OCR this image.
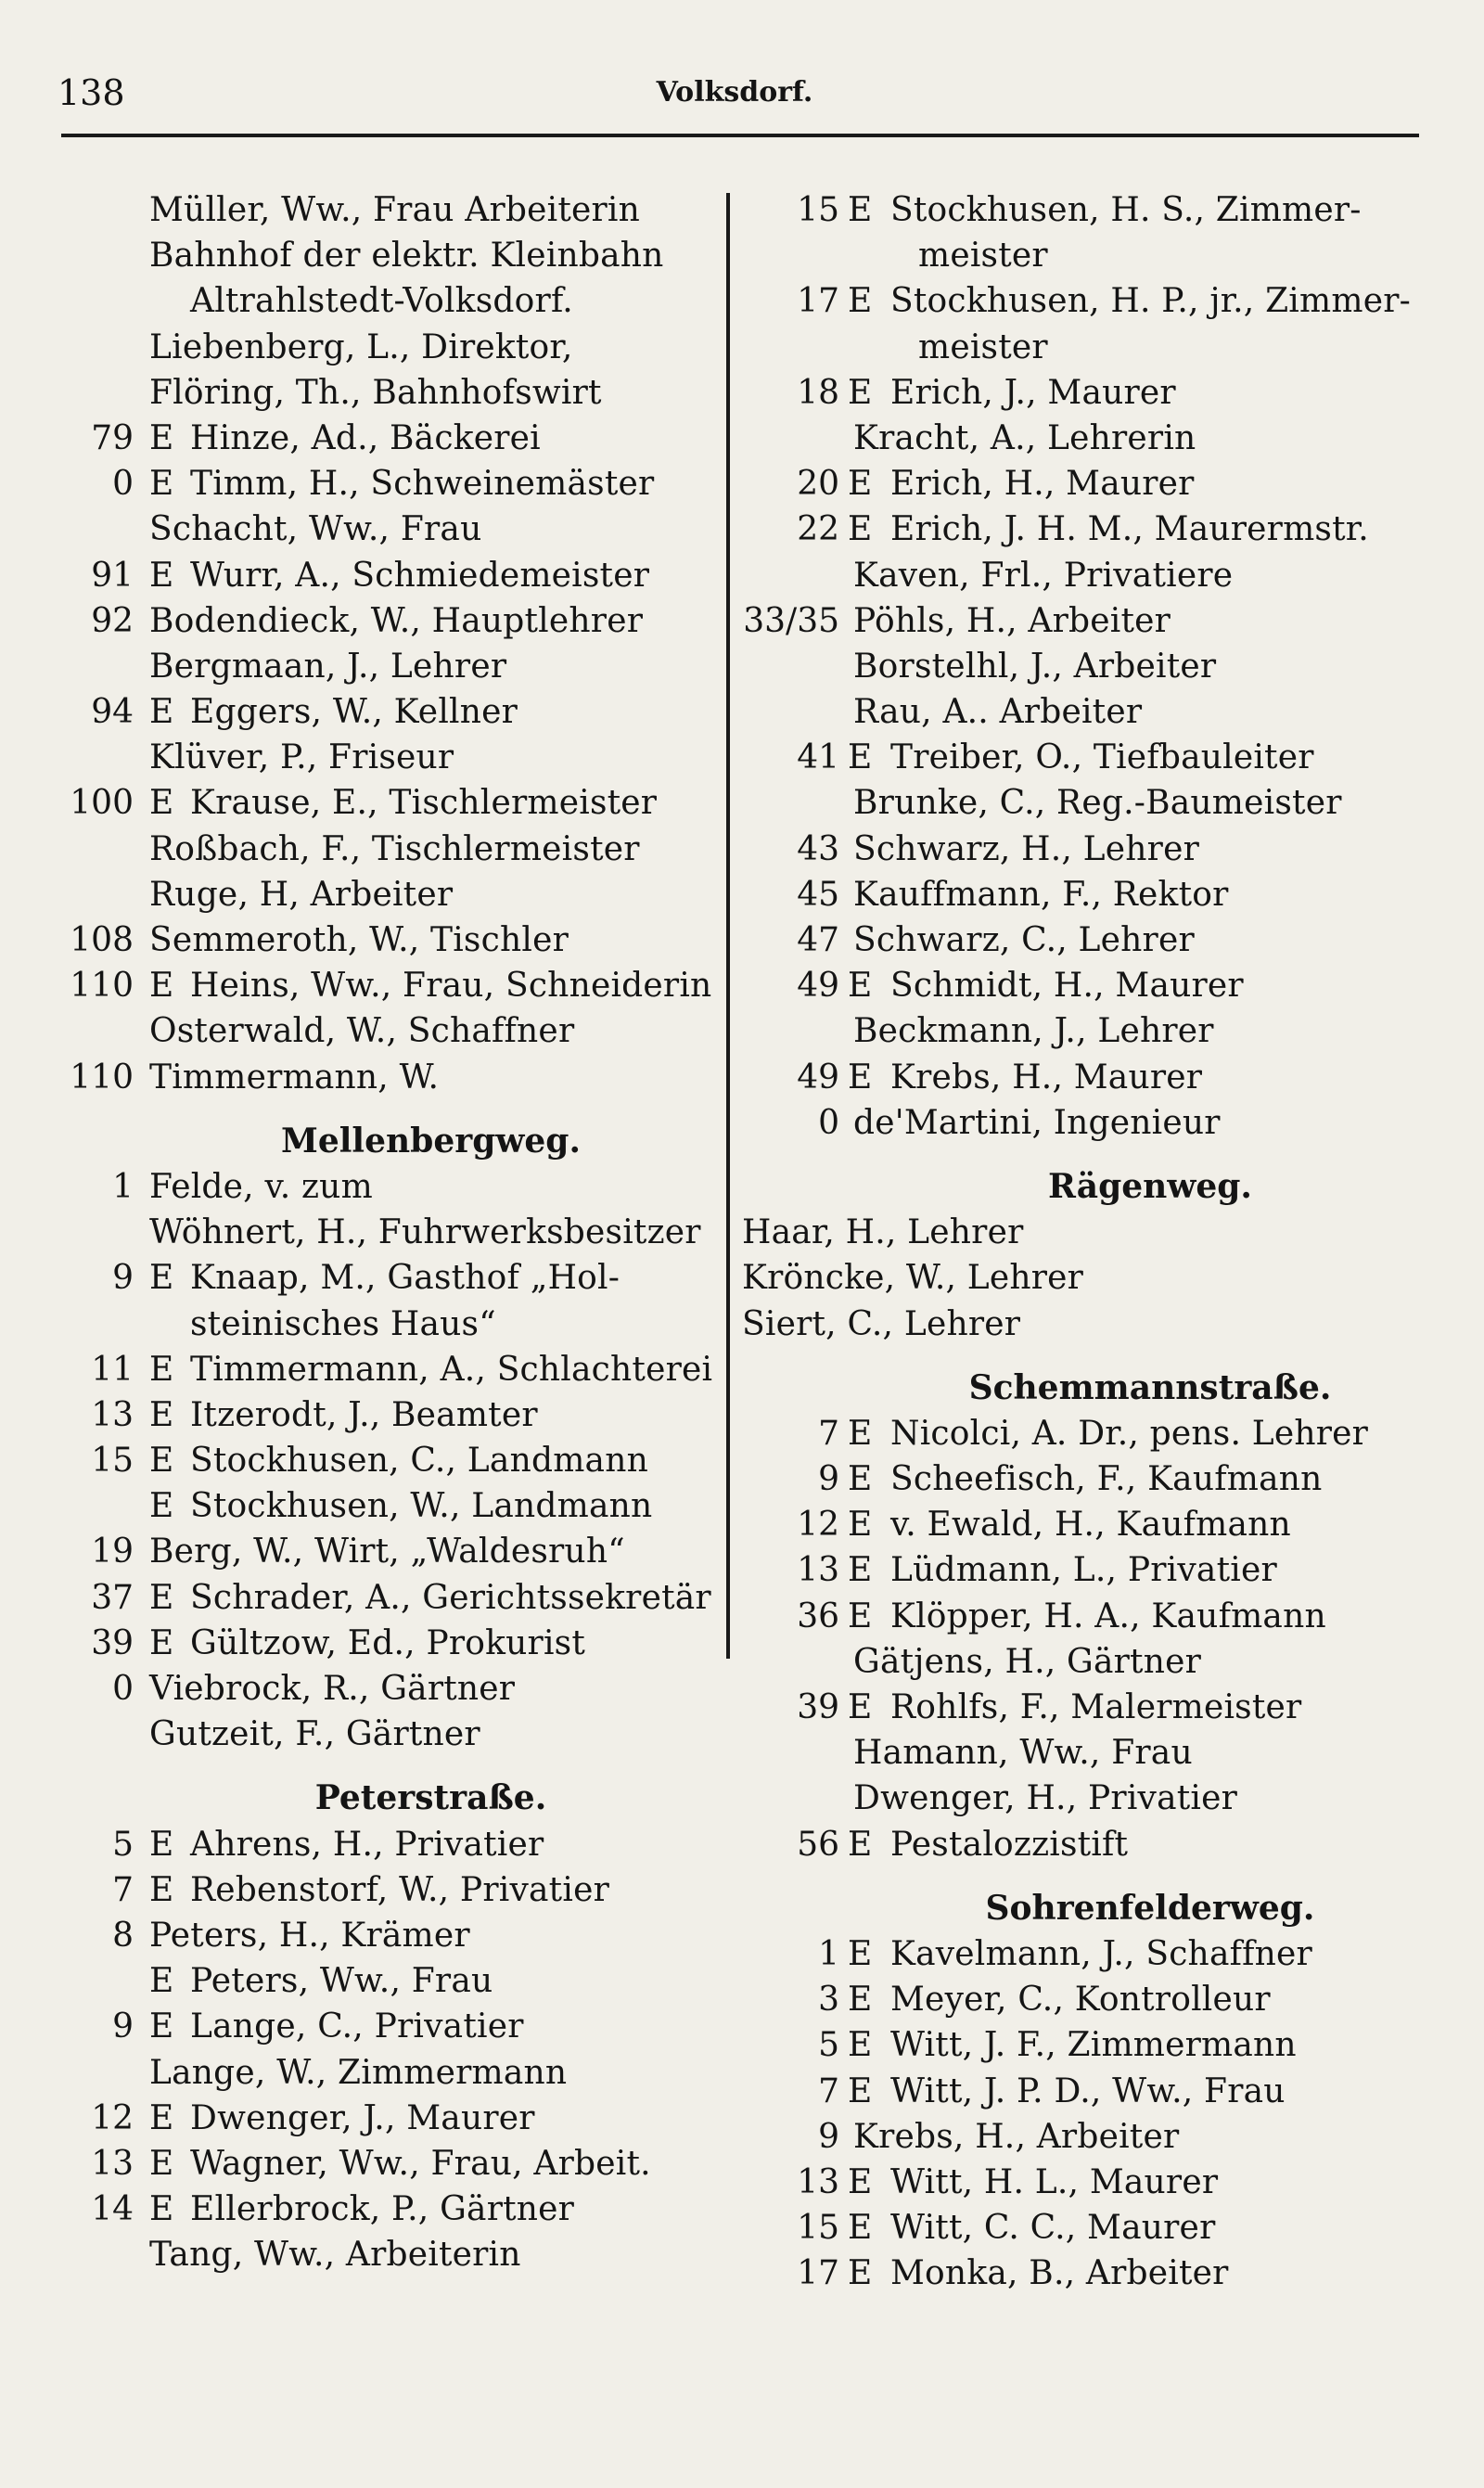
138	Volksdorf.
Müller, Ww., Frau Arbeiterin
Bahnhof der elektr. Kleinbahn
Altrahlstedt-Volksdorf.
Liebenberg, L., Direktor,
Flöring, Th., Bahnhofswirt
79 E Hinze, Ad., Bäckerei
0 E Timm, H., Schweinemäster
Schacht, Ww., Frau
91 E Wurr, A., Schmiedemeister
92 Bodendieck, W., Hauptlehrer
Bergmaan, J., Lehrer
94 E Eggers, W., Kellner
Klüver, P., Friseur
100 E Krause, E., Tischlermeister
Roßbach, F., Tischlermeister
Ruge, H, Arbeiter
108 Semmeroth, W., Tischler
110 E Heins, Ww., Frau, Schneiderin
Osterwald, W., Schaffner
110 Timmermann, W.
Mellenbergweg.
1 Felde, v. zum
Wöhnert, H., Fuhrwerksbesitzer
9 E Knaap, M., Gasthof „Hol-
steinisches Haus“
11 E Timmermann, A., Schlachterei
13 E Itzerodt, J., Beamter
15 E Stockhusen, C., Landmann
E Stockhusen, W., Landmann
19 Berg, W., Wirt, „Waldesruh“
37 E Schrader, A., Gerichtssekretär
39 E Gültzow, Ed., Prokurist
0 Viebrock, R., Gärtner
Gutzeit, F., Gärtner
Peterstraße.
5 E Ahrens, H., Privatier
7 E Rebenstorf, W., Privatier
8 Peters, H., Krämer
E Peters, Ww., Frau
9 E Lange, C., Privatier
Lange, W., Zimmermann
12 E Dwenger, J., Maurer
13 E Wagner, Ww., Frau, Arbeit.
14 E Ellerbrock, P., Gärtner
Tang, Ww., Arbeiterin
15 E Stockhusen, H. S., Zimmer-
meister
17 E Stockhusen, H. P., jr., Zimmer-
meister
18 E Erich, J., Maurer
Kracht, A., Lehrerin
20 E Erich, H., Maurer
22 E Erich, J. H. M., Maurermstr.
Kaven, Frl., Privatiere
33/35 Pöhls, H., Arbeiter
Borstelhl, J., Arbeiter
Rau, A.. Arbeiter
41 E Treiber, O., Tiefbauleiter
Brunke, C., Reg.-Baumeister
43 Schwarz, H., Lehrer
45 Kauffmann, F., Rektor
47 Schwarz, C., Lehrer
49 E Schmidt, H., Maurer
Beckmann, J., Lehrer
49 E Krebs, H., Maurer
0 de'Martini, Ingenieur
Rägenweg.
Haar, H., Lehrer
Kröncke, W., Lehrer
Siert, C., Lehrer
Schemmannstraße.
7 E Nicolci, A. Dr., pens. Lehrer
9 E Scheefisch, F., Kaufmann
12 E v. Ewald, H., Kaufmann
13 E Lüdmann, L., Privatier
36 E Klöpper, H. A., Kaufmann
Gätjens, H., Gärtner
39 E Rohlfs, F., Malermeister
Hamann, Ww., Frau
Dwenger, H., Privatier
56 E Pestalozzistift
Sohrenfelderweg.
1 E Kavelmann, J., Schaffner
3 E Meyer, C., Kontrolleur
5 E Witt, J. F., Zimmermann
7 E Witt, J. P. D., Ww., Frau
9 Krebs, H., Arbeiter
13 E Witt, H. L., Maurer
15 E Witt, C. C., Maurer
17 E Monka, B., Arbeiter
